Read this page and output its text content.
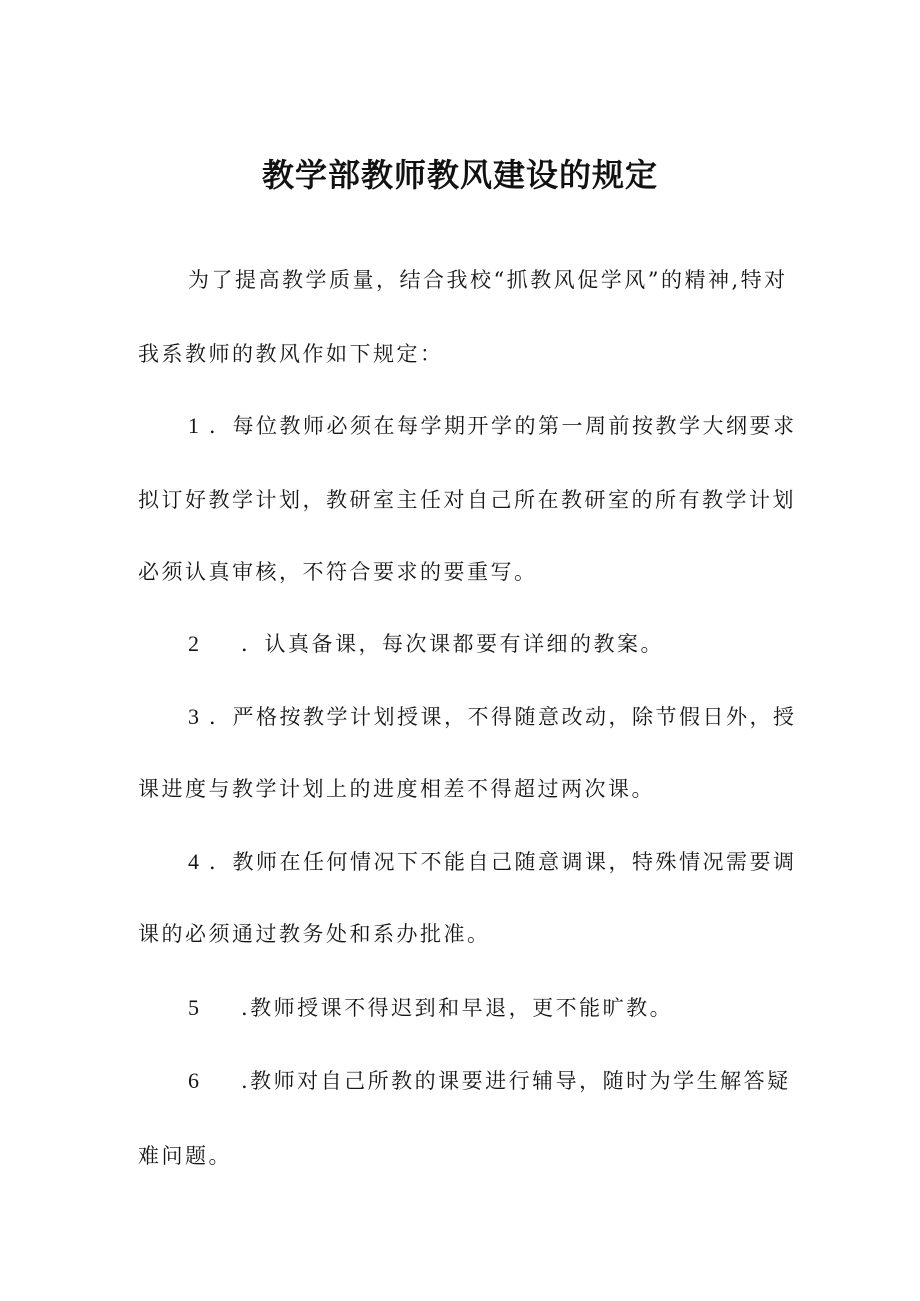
教学部教师教风建设的规定
为了提高教学质量，结合我校“抓教风促学风”的精神,特对
我系教师的教风作如下规定：
1 ．每位教师必须在每学期开学的第一周前按教学大纲要求
拟订好教学计划，教研室主任对自己所在教研室的所有教学计划
必须认真审核，不符合要求的要重写。
2 ．认真备课，每次课都要有详细的教案。
3 ．严格按教学计划授课，不得随意改动，除节假日外，授
课进度与教学计划上的进度相差不得超过两次课。
4 ．教师在任何情况下不能自己随意调课，特殊情况需要调
课的必须通过教务处和系办批准。
5 .教师授课不得迟到和早退，更不能旷教。
6 .教师对自己所教的课要进行辅导，随时为学生解答疑
难问题。
